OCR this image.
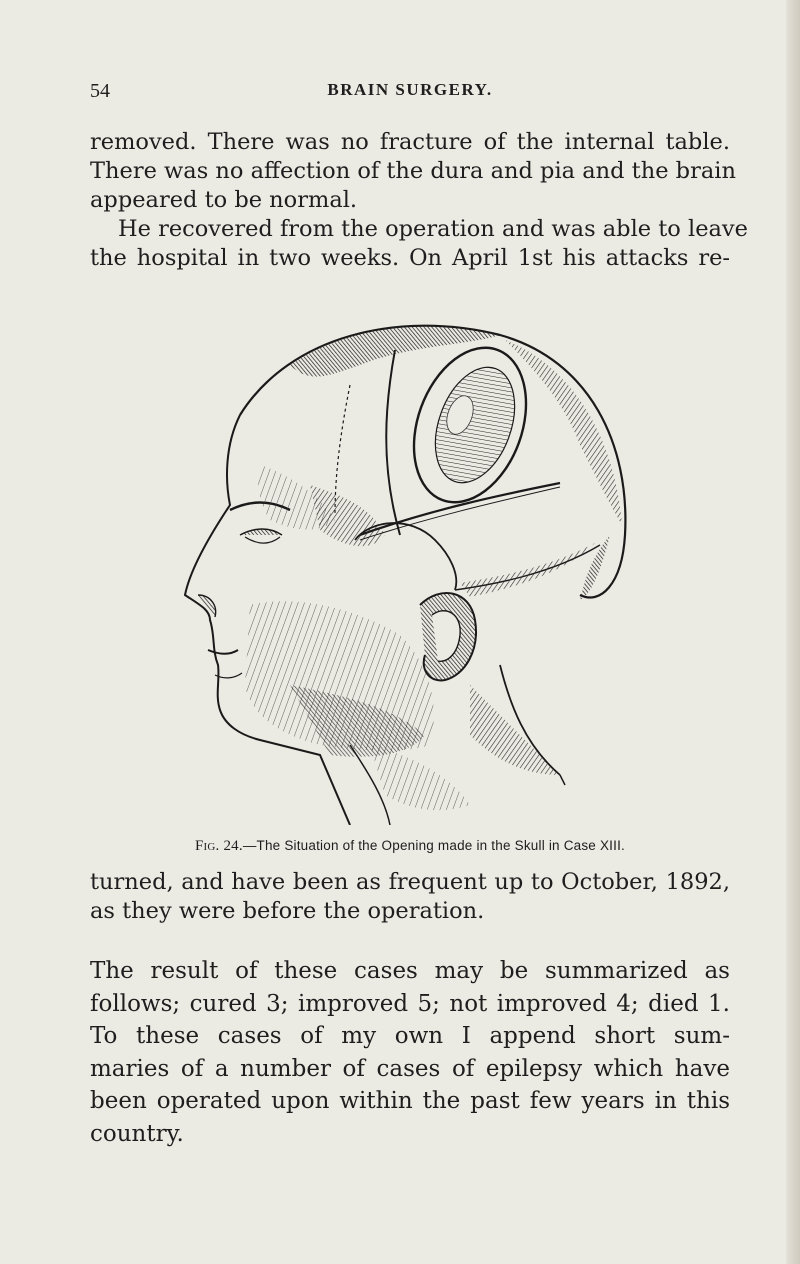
54	BRAIN SURGERY.
removed. There was no fracture of the internal table.
There was no affection of the dura and pia and the brain
appeared to be normal.
He recovered from the operation and was able to leave
the hospital in two weeks. On April 1st his attacks re-
Fig. 24.—The Situation of the Opening made in the Skull in Case XIII.
turned, and have been as frequent up to October, 1892,
as they were before the operation.
The result of these cases may be summarized as
follows; cured 3; improved 5; not improved 4; died 1.
To these cases of my own I append short sum-
maries of a number of cases of epilepsy which have
been operated upon within the past few years in this
country.
